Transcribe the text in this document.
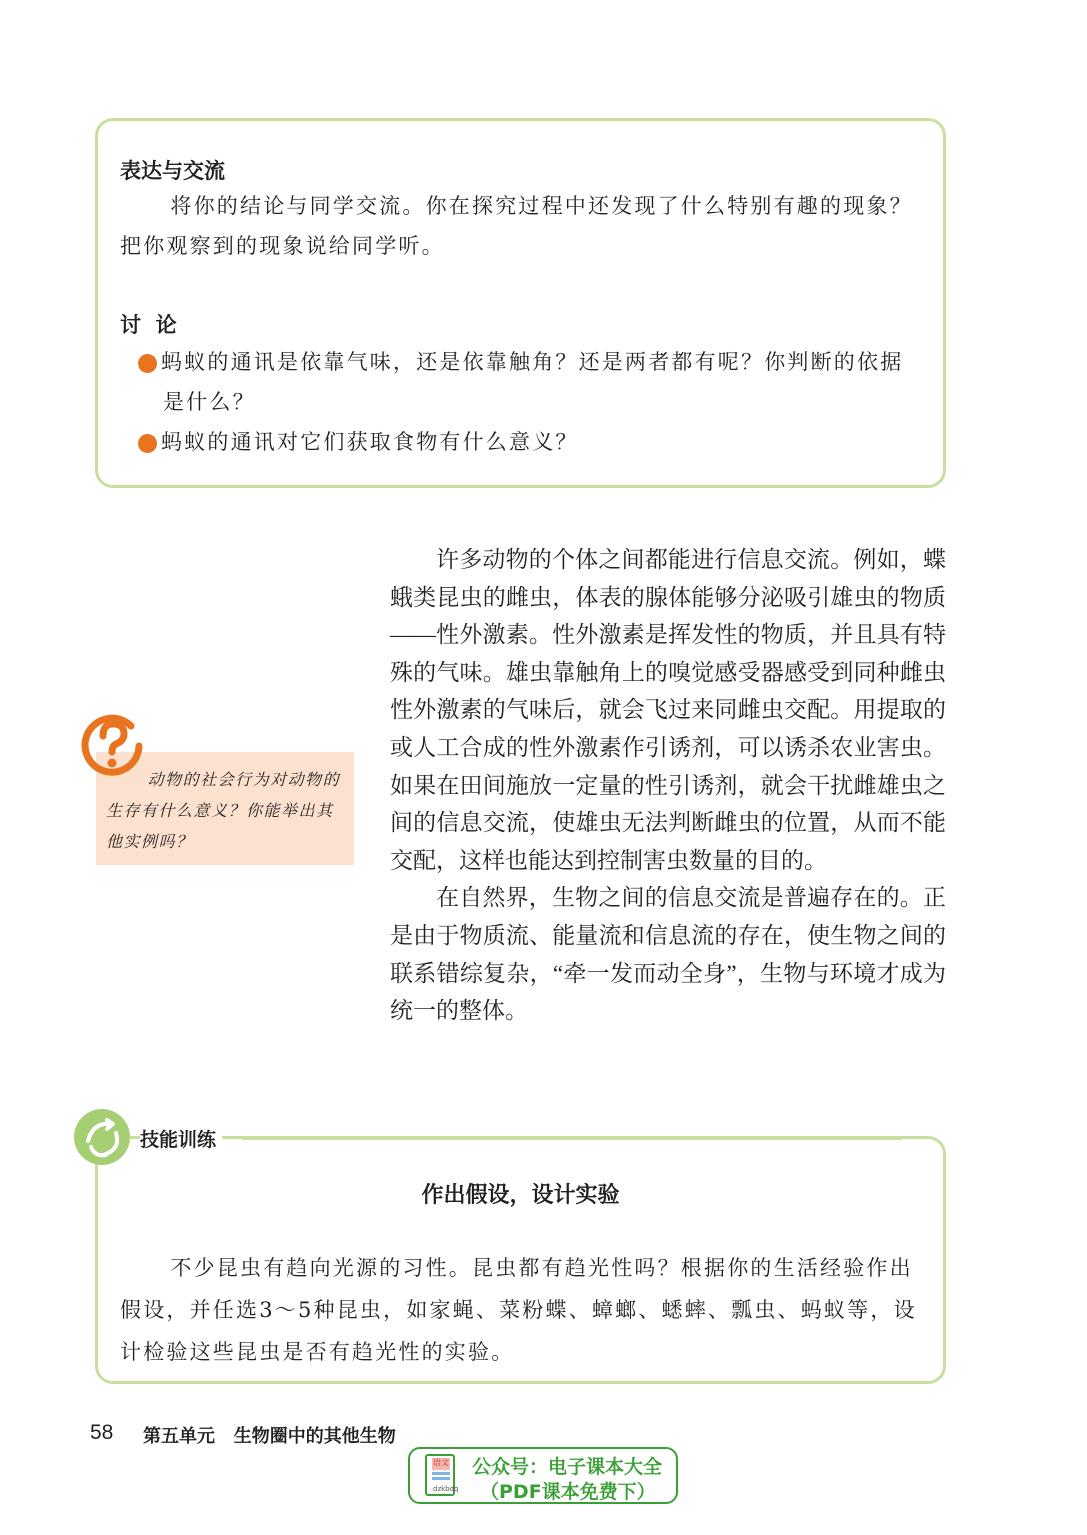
表达与交流

将你的结论与同学交流。你在探究过程中还发现了什么特别有趣的现象？把你观察到的现象说给同学听。

讨  论
1 蚂蚁的通讯是依靠气味，还是依靠触角？还是两者都有呢？你判断的依据是什么？
2 蚂蚁的通讯对它们获取食物有什么意义？

许多动物的个体之间都能进行信息交流。例如，蝶蛾类昆虫的雌虫，体表的腺体能够分泌吸引雄虫的物质——性外激素。性外激素是挥发性的物质，并且具有特殊的气味。雄虫靠触角上的嗅觉感受器感受到同种雌虫性外激素的气味后，就会飞过来同雌虫交配。用提取的或人工合成的性外激素作引诱剂，可以诱杀农业害虫。如果在田间施放一定量的性引诱剂，就会干扰雌雄虫之间的信息交流，使雄虫无法判断雌虫的位置，从而不能交配，这样也能达到控制害虫数量的目的。

在自然界，生物之间的信息交流是普遍存在的。正是由于物质流、能量流和信息流的存在，使生物之间的联系错综复杂，“牵一发而动全身”，生物与环境才成为统一的整体。

动物的社会行为对动物的生存有什么意义？你能举出其他实例吗？

技能训练
作出假设，设计实验

不少昆虫有趋向光源的习性。昆虫都有趋光性吗？根据你的生活经验作出假设，并任选3～5种昆虫，如家蝇、菜粉蝶、蟑螂、蟋蟀、瓢虫、蚂蚁等，设计检验这些昆虫是否有趋光性的实验。

58 第五单元   生物圈中的其他生物
语文
dzkbdq
公众号：电子课本大全
（PDF课本免费下）
